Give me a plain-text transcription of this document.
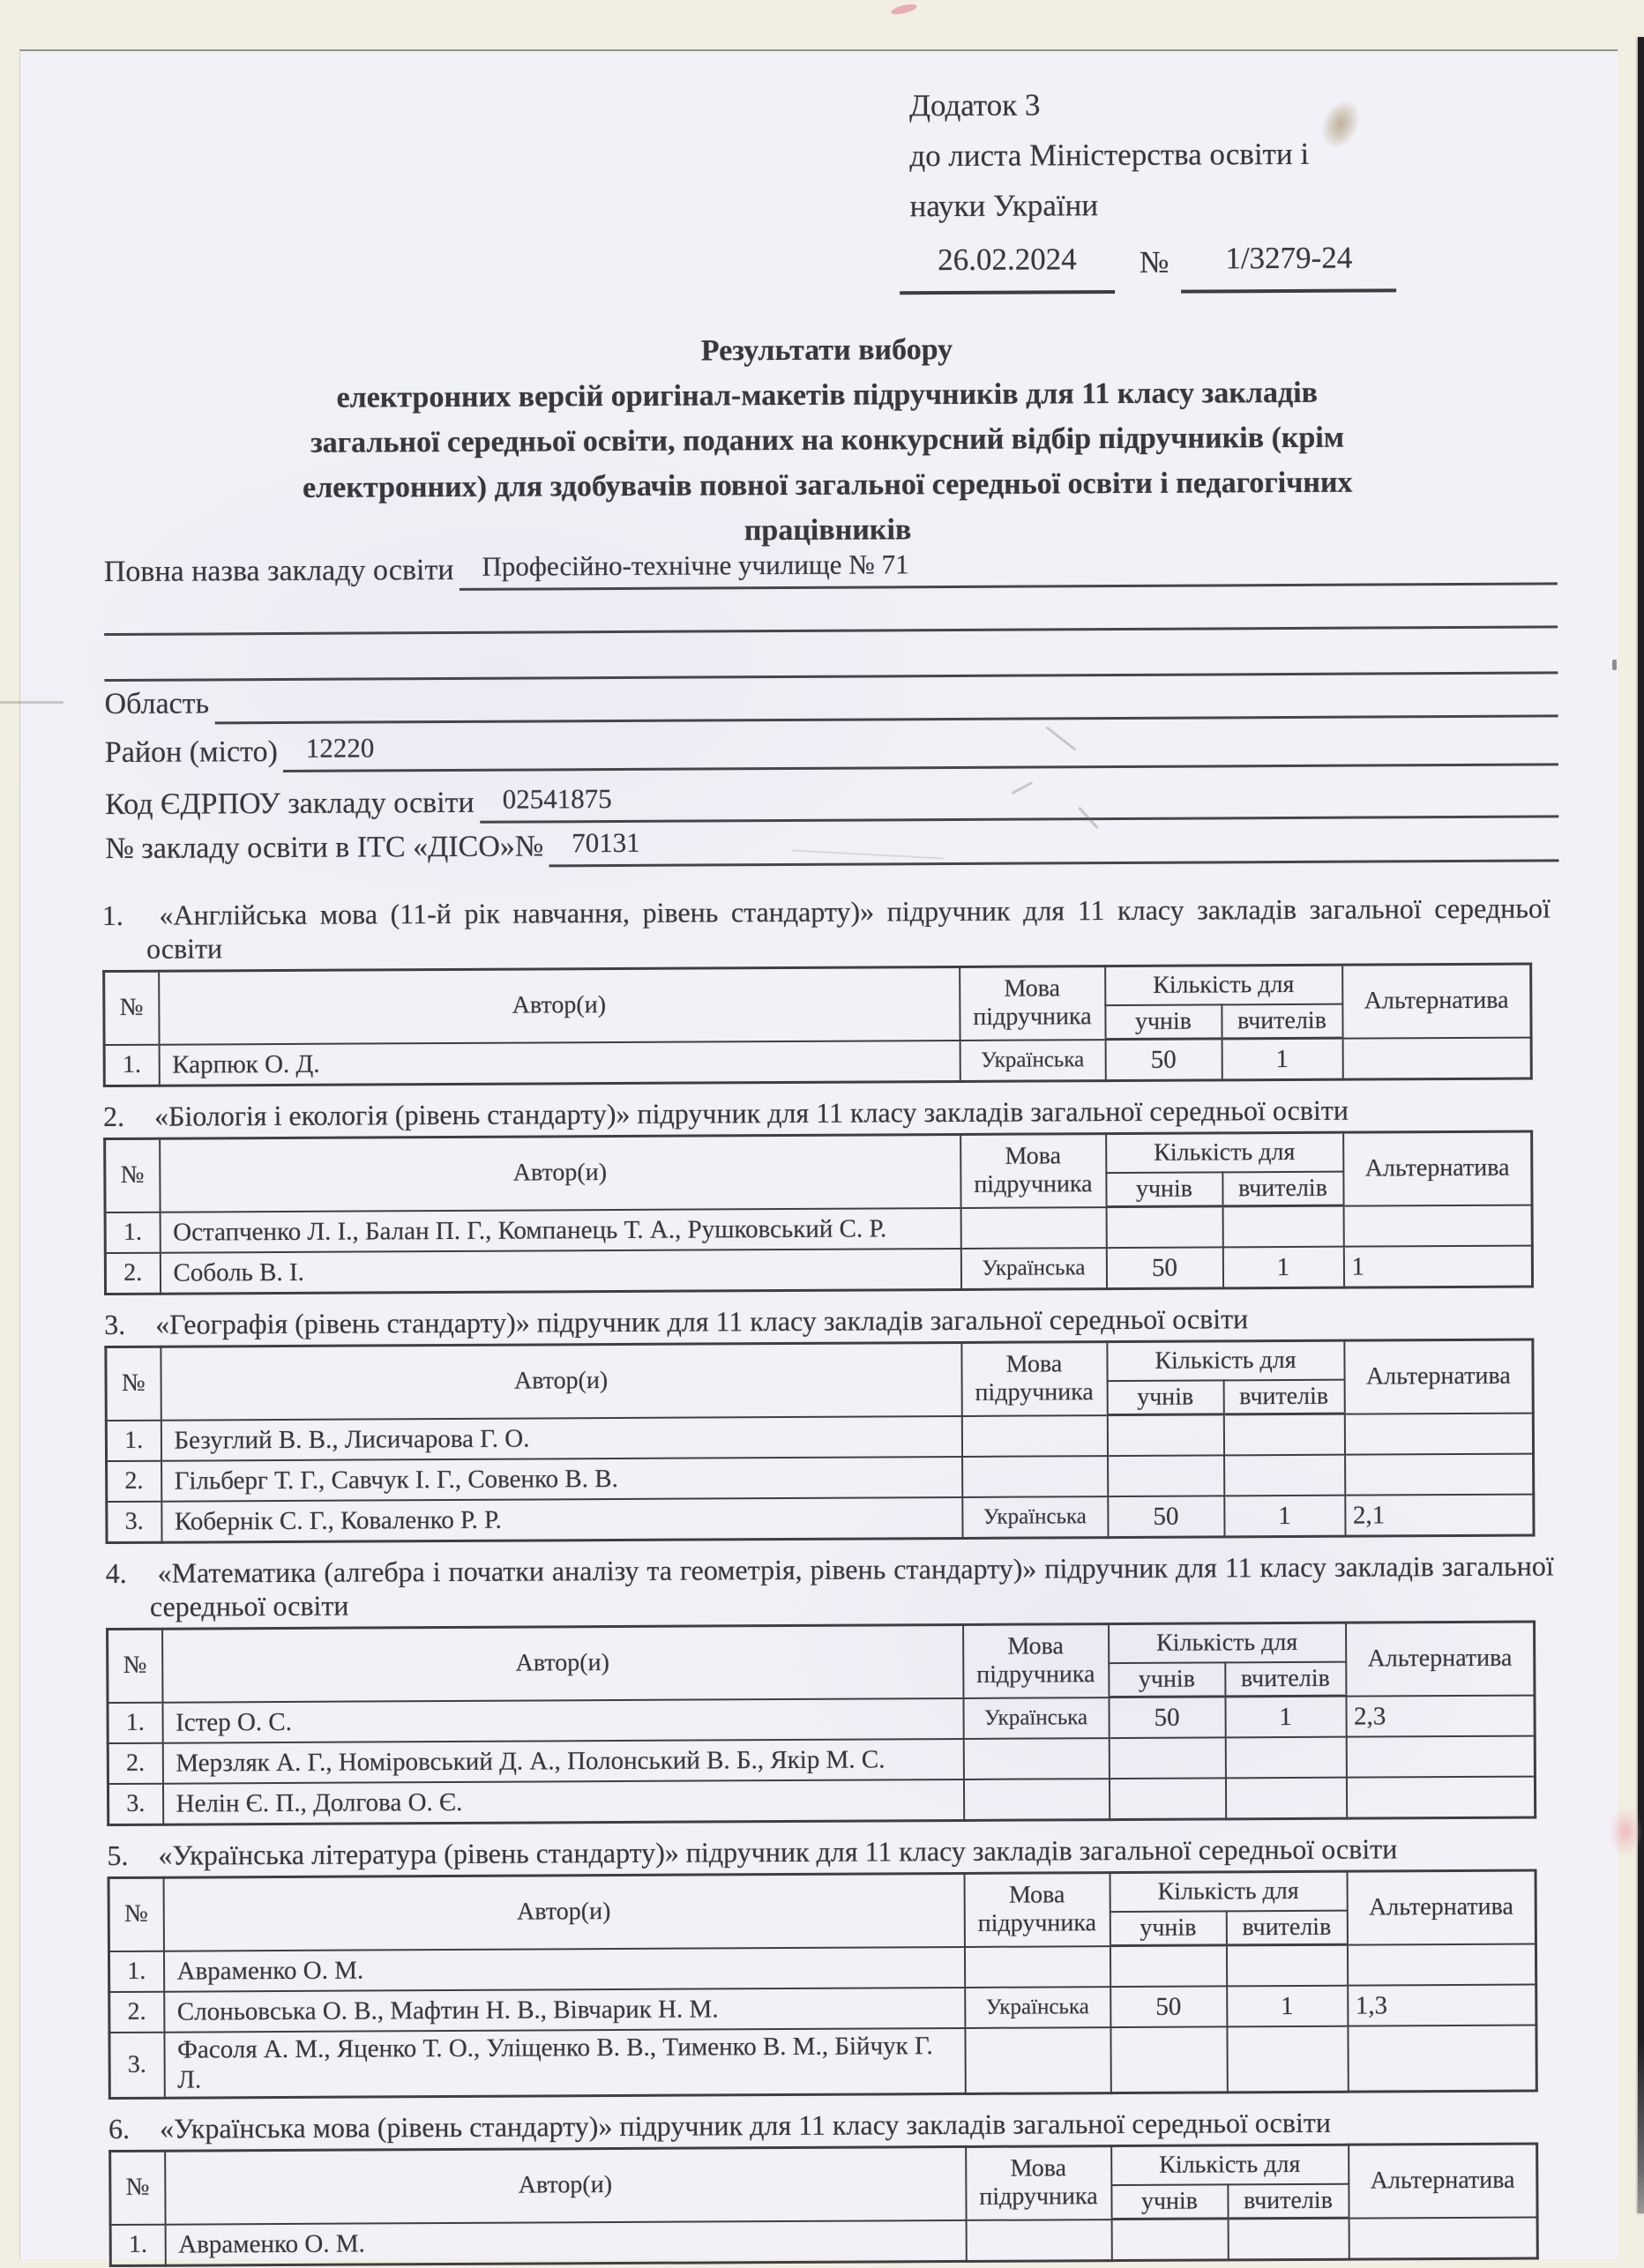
Додаток 3
до листа Міністерства освіти і
науки України
26.02.2024	№	1/3279-24
Результати вибору
електронних версій оригінал-макетів підручників для 11 класу закладів
загальної середньої освіти, поданих на конкурсний відбір підручників (крім
електронних) для здобувачів повної загальної середньої освіти і педагогічних
працівників
Повна назва закладу освіти	Професійно-технічне училище № 71
Область
Район (місто)	12220
Код ЄДРПОУ закладу освіти	02541875
№ закладу освіти в ІТС «ДІСО»№	70131
1. «Англійська мова (11-й рік навчання, рівень стандарту)» підручник для 11 класу закладів загальної середньої освіти
№	Автор(и)	Мова підручника	Кількість для		Альтернатива
			учнів	вчителів	
1.	Карпюк О. Д.	Українська	50	1	
2. «Біологія і екологія (рівень стандарту)» підручник для 11 класу закладів загальної середньої освіти
№	Автор(и)	Мова підручника	Кількість для		Альтернатива
			учнів	вчителів	
1.	Остапченко Л. І., Балан П. Г., Компанець Т. А., Рушковський С. Р.				
2.	Соболь В. І.	Українська	50	1	1
3. «Географія (рівень стандарту)» підручник для 11 класу закладів загальної середньої освіти
№	Автор(и)	Мова підручника	Кількість для		Альтернатива
			учнів	вчителів	
1.	Безуглий В. В., Лисичарова Г. О.				
2.	Гільберг Т. Г., Савчук І. Г., Совенко В. В.				
3.	Кобернік С. Г., Коваленко Р. Р.	Українська	50	1	2,1
4. «Математика (алгебра і початки аналізу та геометрія, рівень стандарту)» підручник для 11 класу закладів загальної середньої освіти
№	Автор(и)	Мова підручника	Кількість для		Альтернатива
			учнів	вчителів	
1.	Істер О. С.	Українська	50	1	2,3
2.	Мерзляк А. Г., Номіровський Д. А., Полонський В. Б., Якір М. С.				
3.	Нелін Є. П., Долгова О. Є.				
5. «Українська література (рівень стандарту)» підручник для 11 класу закладів загальної середньої освіти
№	Автор(и)	Мова підручника	Кількість для		Альтернатива
			учнів	вчителів	
1.	Авраменко О. М.				
2.	Слоньовська О. В., Мафтин Н. В., Вівчарик Н. М.	Українська	50	1	1,3
3.	Фасоля А. М., Яценко Т. О., Уліщенко В. В., Тименко В. М., Бійчук Г. Л.				
6. «Українська мова (рівень стандарту)» підручник для 11 класу закладів загальної середньої освіти
№	Автор(и)	Мова підручника	Кількість для		Альтернатива
			учнів	вчителів	
1.	Авраменко О. М.				
